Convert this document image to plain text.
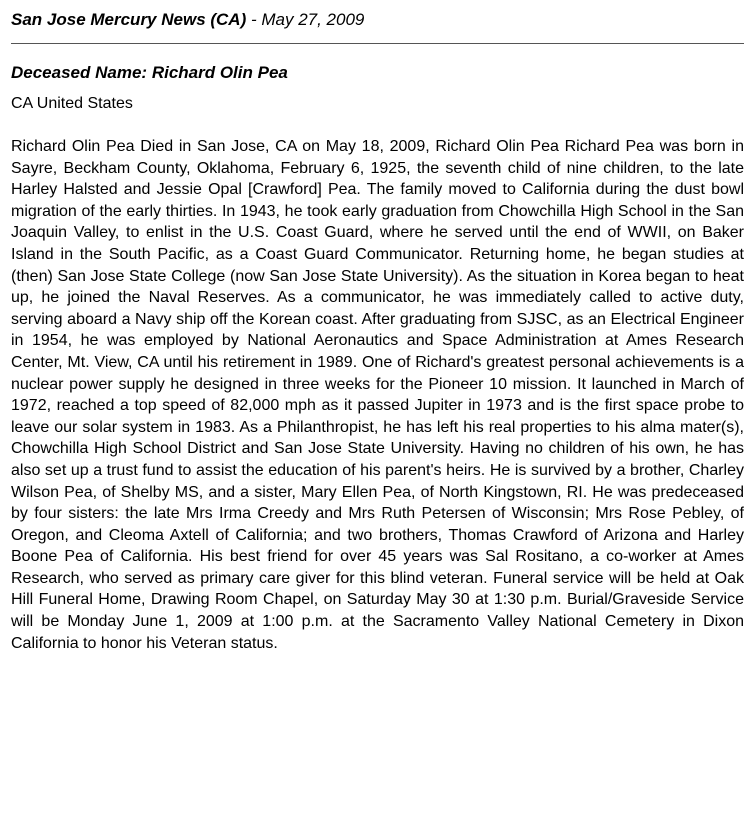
San Jose Mercury News (CA) - May 27, 2009
Deceased Name: Richard Olin Pea
CA United States
Richard Olin Pea Died in San Jose, CA on May 18, 2009, Richard Olin Pea Richard Pea was born in Sayre, Beckham County, Oklahoma, February 6, 1925, the seventh child of nine children, to the late Harley Halsted and Jessie Opal [Crawford] Pea. The family moved to California during the dust bowl migration of the early thirties. In 1943, he took early graduation from Chowchilla High School in the San Joaquin Valley, to enlist in the U.S. Coast Guard, where he served until the end of WWII, on Baker Island in the South Pacific, as a Coast Guard Communicator. Returning home, he began studies at (then) San Jose State College (now San Jose State University). As the situation in Korea began to heat up, he joined the Naval Reserves. As a communicator, he was immediately called to active duty, serving aboard a Navy ship off the Korean coast. After graduating from SJSC, as an Electrical Engineer in 1954, he was employed by National Aeronautics and Space Administration at Ames Research Center, Mt. View, CA until his retirement in 1989. One of Richard's greatest personal achievements is a nuclear power supply he designed in three weeks for the Pioneer 10 mission. It launched in March of 1972, reached a top speed of 82,000 mph as it passed Jupiter in 1973 and is the first space probe to leave our solar system in 1983. As a Philanthropist, he has left his real properties to his alma mater(s), Chowchilla High School District and San Jose State University. Having no children of his own, he has also set up a trust fund to assist the education of his parent's heirs. He is survived by a brother, Charley Wilson Pea, of Shelby MS, and a sister, Mary Ellen Pea, of North Kingstown, RI. He was predeceased by four sisters: the late Mrs Irma Creedy and Mrs Ruth Petersen of Wisconsin; Mrs Rose Pebley, of Oregon, and Cleoma Axtell of California; and two brothers, Thomas Crawford of Arizona and Harley Boone Pea of California. His best friend for over 45 years was Sal Rositano, a co-worker at Ames Research, who served as primary care giver for this blind veteran. Funeral service will be held at Oak Hill Funeral Home, Drawing Room Chapel, on Saturday May 30 at 1:30 p.m. Burial/Graveside Service will be Monday June 1, 2009 at 1:00 p.m. at the Sacramento Valley National Cemetery in Dixon California to honor his Veteran status.
